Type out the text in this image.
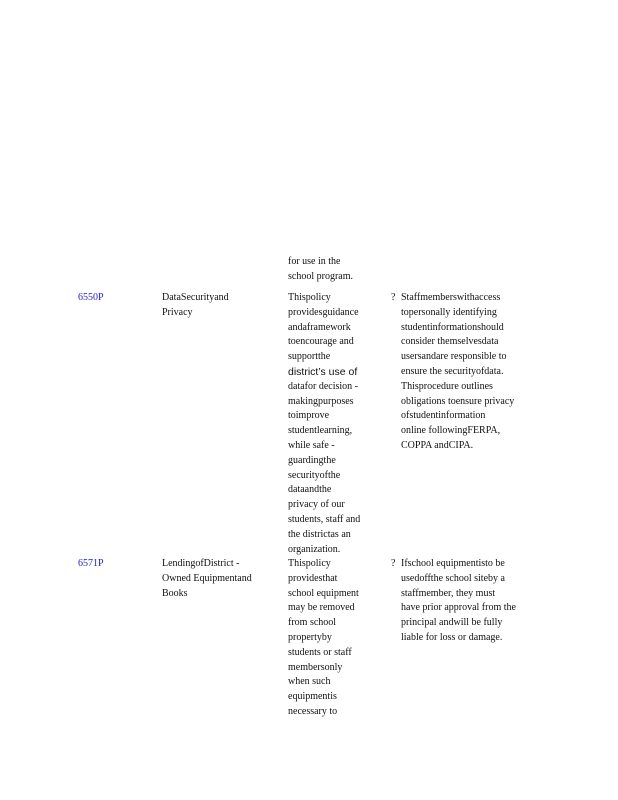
for use in the
school program.
6550P	DataSecurityand
Privacy
Thispolicy
providesguidance
andaframework
toencourage and
supportthe
district’s use of
datafor decision -
makingpurposes
toimprove
studentlearning,
while safe -
guardingthe
securityofthe
dataandthe
privacy of our
students, staff and
the districtas an
organization.
? Staffmemberswithaccess
topersonally identifying
studentinformationshould
consider themselvesdata
usersandare responsible to
ensure the securityofdata.
Thisprocedure outlines
obligations toensure privacy
ofstudentinformation
online followingFERPA,
COPPA andCIPA.
6571P	LendingofDistrict -
Owned Equipmentand
Books
Thispolicy
providesthat
school equipment
may be removed
from school
propertyby
students or staff
membersonly
when such
equipmentis
necessary to
? Ifschool equipmentisto be
usedoffthe school siteby a
staffmember, they must
have prior approval from the
principal andwill be fully
liable for loss or damage.
